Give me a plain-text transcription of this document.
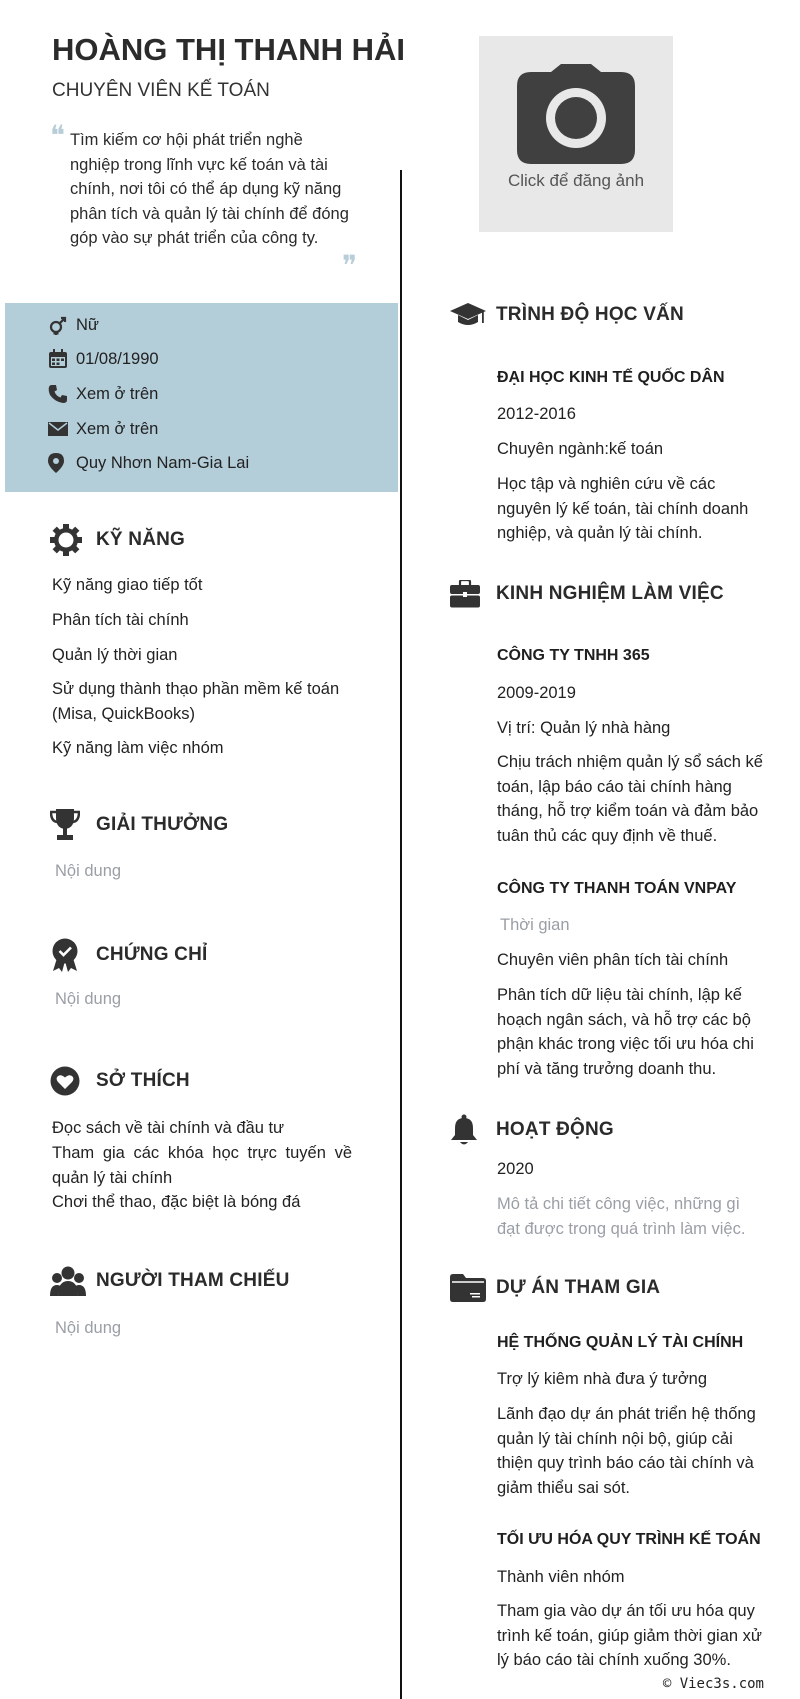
HOÀNG THỊ THANH HẢI
CHUYÊN VIÊN KẾ TOÁN
❝ Tìm kiếm cơ hội phát triển nghề nghiệp trong lĩnh vực kế toán và tài chính, nơi tôi có thể áp dụng kỹ năng phân tích và quản lý tài chính để đóng góp vào sự phát triển của công ty.
❞
Click để đăng ảnh
Nữ
01/08/1990
Xem ở trên
Xem ở trên
Quy Nhơn Nam-Gia Lai
KỸ NĂNG
Kỹ năng giao tiếp tốt
Phân tích tài chính
Quản lý thời gian
Sử dụng thành thạo phần mềm kế toán (Misa, QuickBooks)
Kỹ năng làm việc nhóm
GIẢI THƯỞNG
Nội dung
CHỨNG CHỈ
Nội dung
SỞ THÍCH
Đọc sách về tài chính và đầu tư
Tham gia các khóa học trực tuyến về quản lý tài chính
Chơi thể thao, đặc biệt là bóng đá
NGƯỜI THAM CHIẾU
Nội dung
TRÌNH ĐỘ HỌC VẤN
ĐẠI HỌC KINH TẾ QUỐC DÂN
2012-2016
Chuyên ngành:kế toán
Học tập và nghiên cứu về các nguyên lý kế toán, tài chính doanh nghiệp, và quản lý tài chính.
KINH NGHIỆM LÀM VIỆC
CÔNG TY TNHH 365
2009-2019
Vị trí: Quản lý nhà hàng
Chịu trách nhiệm quản lý sổ sách kế toán, lập báo cáo tài chính hàng tháng, hỗ trợ kiểm toán và đảm bảo tuân thủ các quy định về thuế.
CÔNG TY THANH TOÁN VNPAY
Thời gian
Chuyên viên phân tích tài chính
Phân tích dữ liệu tài chính, lập kế hoạch ngân sách, và hỗ trợ các bộ phận khác trong việc tối ưu hóa chi phí và tăng trưởng doanh thu.
HOẠT ĐỘNG
2020
Mô tả chi tiết công việc, những gì đạt được trong quá trình làm việc.
DỰ ÁN THAM GIA
HỆ THỐNG QUẢN LÝ TÀI CHÍNH
Trợ lý kiêm nhà đưa ý tưởng
Lãnh đạo dự án phát triển hệ thống quản lý tài chính nội bộ, giúp cải thiện quy trình báo cáo tài chính và giảm thiểu sai sót.
TỐI ƯU HÓA QUY TRÌNH KẾ TOÁN
Thành viên nhóm
Tham gia vào dự án tối ưu hóa quy trình kế toán, giúp giảm thời gian xử lý báo cáo tài chính xuống 30%.
© Viec3s.com
